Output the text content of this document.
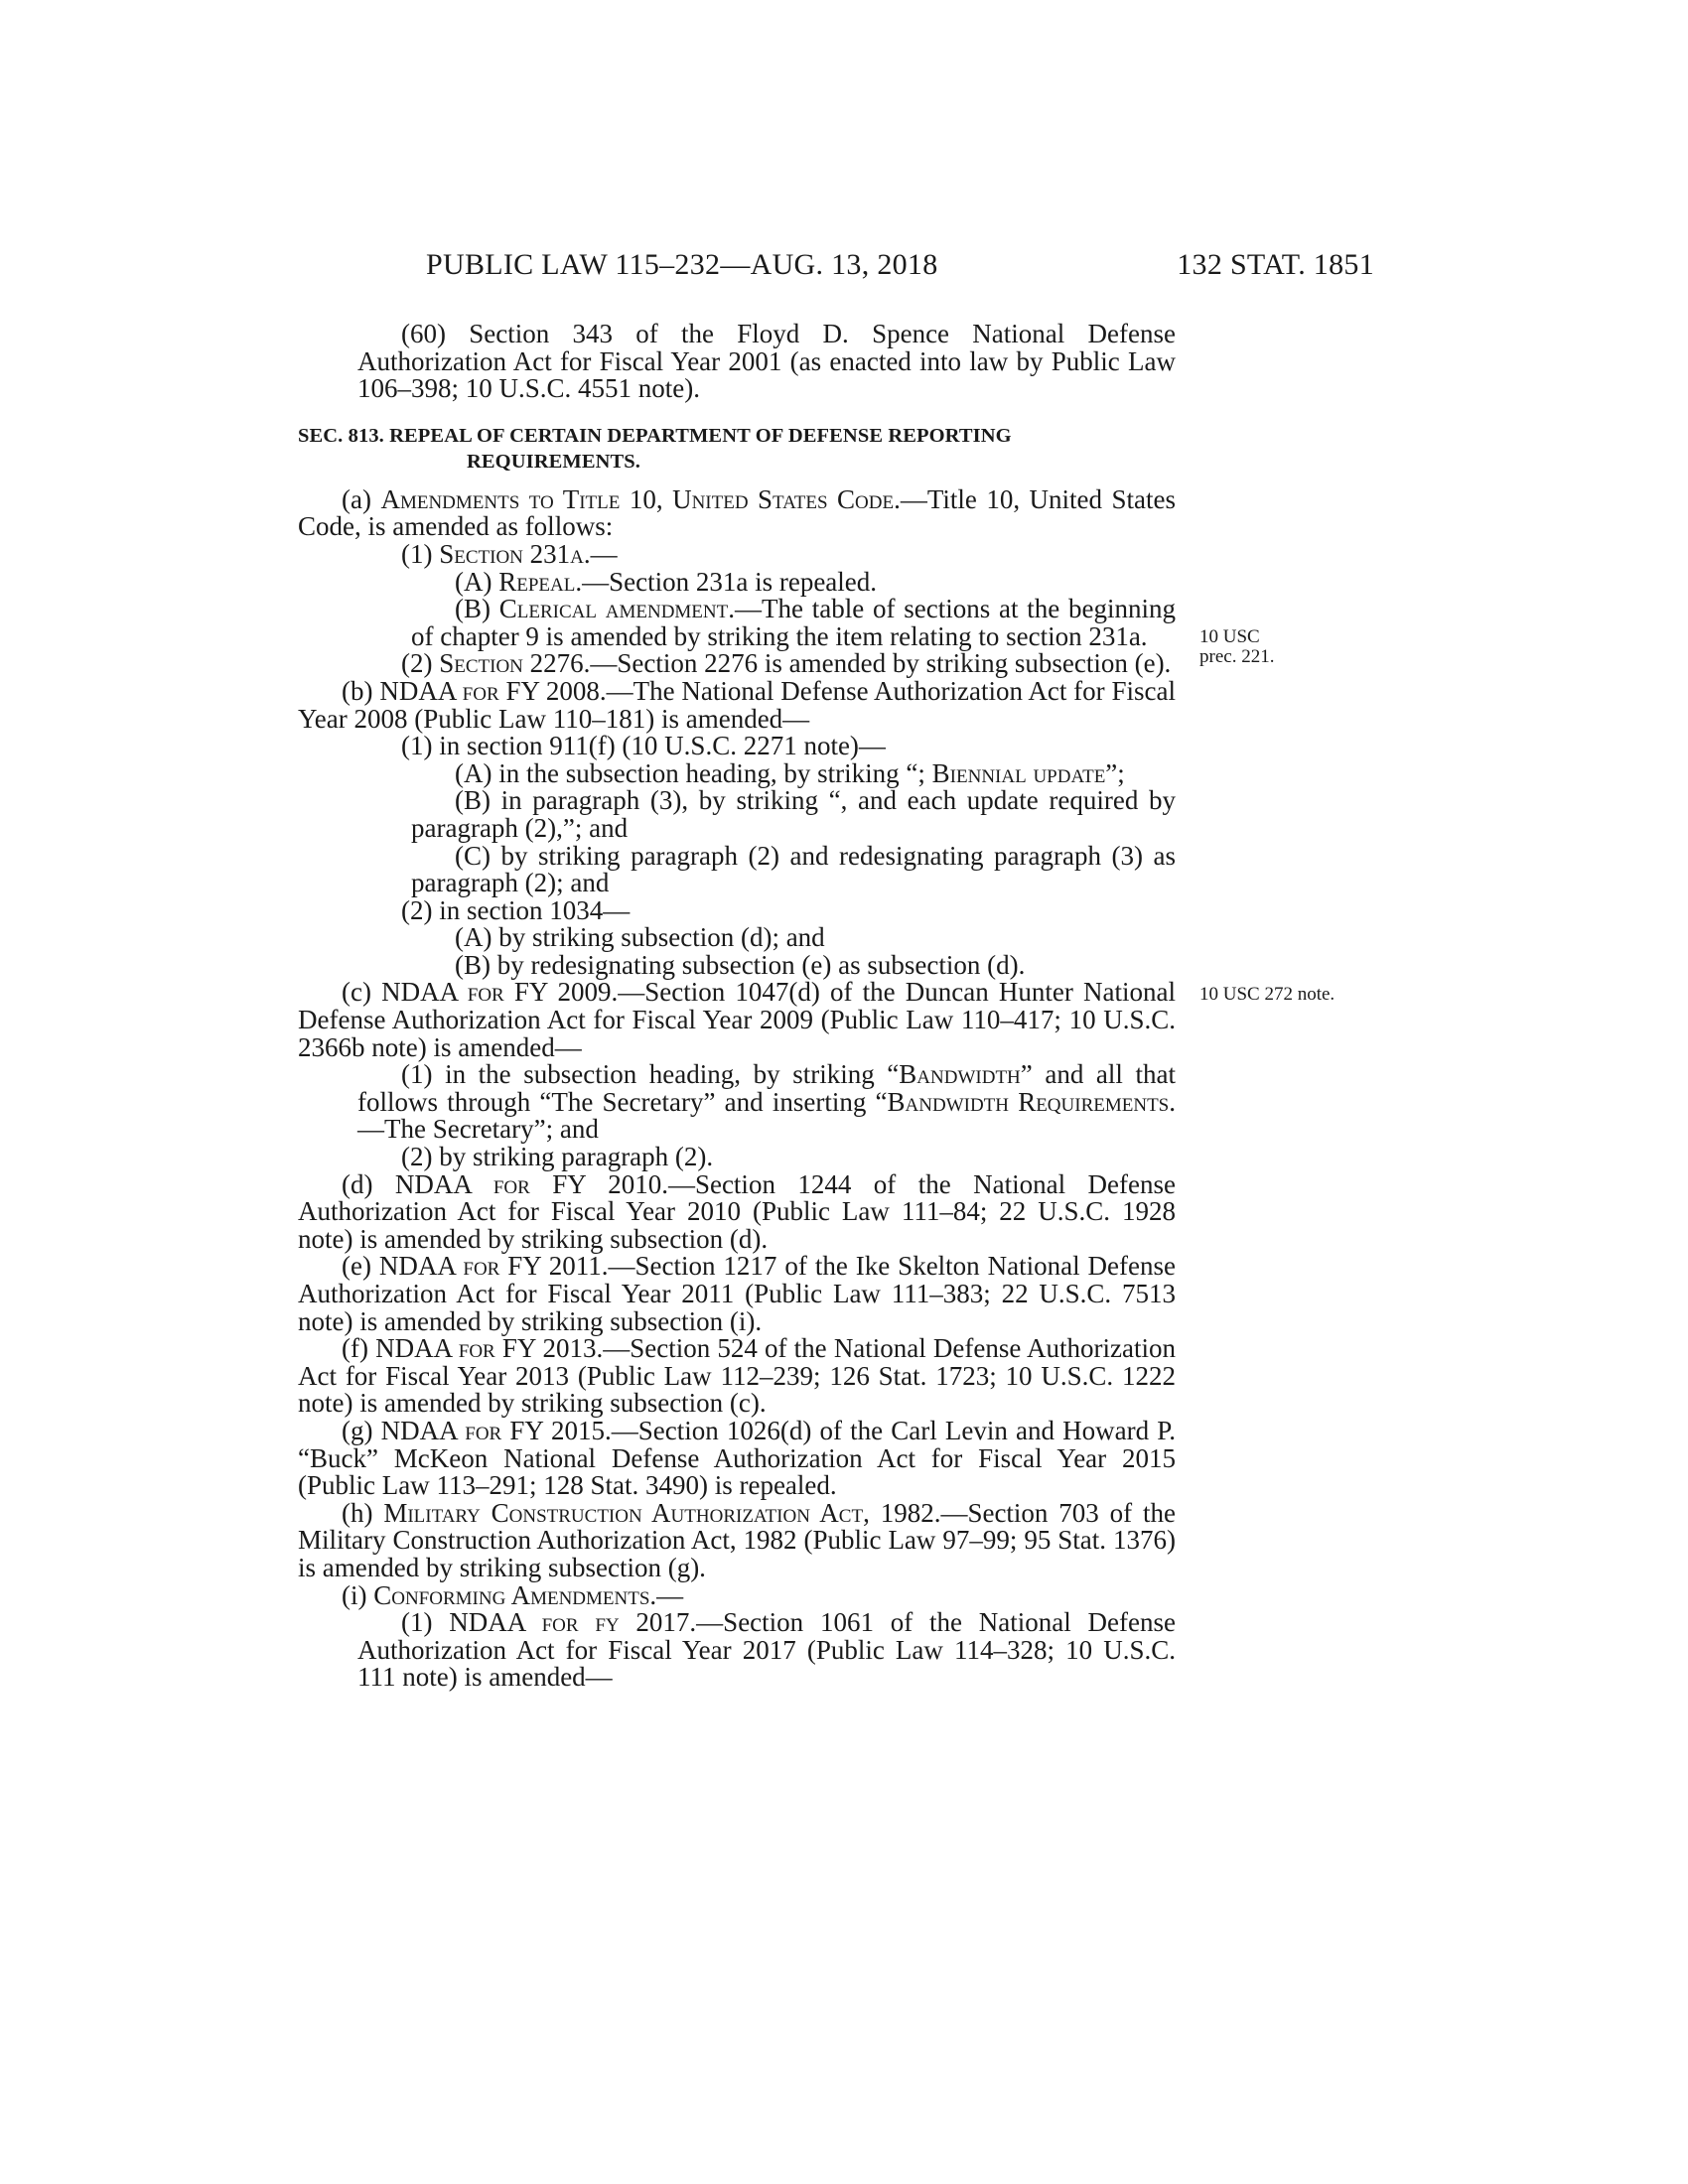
PUBLIC LAW 115–232—AUG. 13, 2018	132 STAT. 1851
10 USC
prec. 221.
10 USC 272 note.

(60) Section 343 of the Floyd D. Spence National Defense Authorization Act for Fiscal Year 2001 (as enacted into law by Public Law 106–398; 10 U.S.C. 4551 note).

SEC. 813. REPEAL OF CERTAIN DEPARTMENT OF DEFENSE REPORTING REQUIREMENTS.

(a) Amendments to Title 10, United States Code.—Title 10, United States Code, is amended as follows:

(1) Section 231a.—

(A) Repeal.—Section 231a is repealed.

(B) Clerical amendment.—The table of sections at the beginning of chapter 9 is amended by striking the item relating to section 231a.

(2) Section 2276.—Section 2276 is amended by striking subsection (e).

(b) NDAA for FY 2008.—The National Defense Authorization Act for Fiscal Year 2008 (Public Law 110–181) is amended—

(1) in section 911(f) (10 U.S.C. 2271 note)—

(A) in the subsection heading, by striking “; Biennial update”;

(B) in paragraph (3), by striking “, and each update required by paragraph (2),”; and

(C) by striking paragraph (2) and redesignating paragraph (3) as paragraph (2); and

(2) in section 1034—

(A) by striking subsection (d); and

(B) by redesignating subsection (e) as subsection (d).

(c) NDAA for FY 2009.—Section 1047(d) of the Duncan Hunter National Defense Authorization Act for Fiscal Year 2009 (Public Law 110–417; 10 U.S.C. 2366b note) is amended—

(1) in the subsection heading, by striking “Bandwidth” and all that follows through “The Secretary” and inserting “Bandwidth Requirements.—The Secretary”; and

(2) by striking paragraph (2).

(d) NDAA for FY 2010.—Section 1244 of the National Defense Authorization Act for Fiscal Year 2010 (Public Law 111–84; 22 U.S.C. 1928 note) is amended by striking subsection (d).

(e) NDAA for FY 2011.—Section 1217 of the Ike Skelton National Defense Authorization Act for Fiscal Year 2011 (Public Law 111–383; 22 U.S.C. 7513 note) is amended by striking subsection (i).

(f) NDAA for FY 2013.—Section 524 of the National Defense Authorization Act for Fiscal Year 2013 (Public Law 112–239; 126 Stat. 1723; 10 U.S.C. 1222 note) is amended by striking subsection (c).

(g) NDAA for FY 2015.—Section 1026(d) of the Carl Levin and Howard P. “Buck” McKeon National Defense Authorization Act for Fiscal Year 2015 (Public Law 113–291; 128 Stat. 3490) is repealed.

(h) Military Construction Authorization Act, 1982.—Section 703 of the Military Construction Authorization Act, 1982 (Public Law 97–99; 95 Stat. 1376) is amended by striking subsection (g).

(i) Conforming Amendments.—

(1) NDAA for fy 2017.—Section 1061 of the National Defense Authorization Act for Fiscal Year 2017 (Public Law 114–328; 10 U.S.C. 111 note) is amended—
